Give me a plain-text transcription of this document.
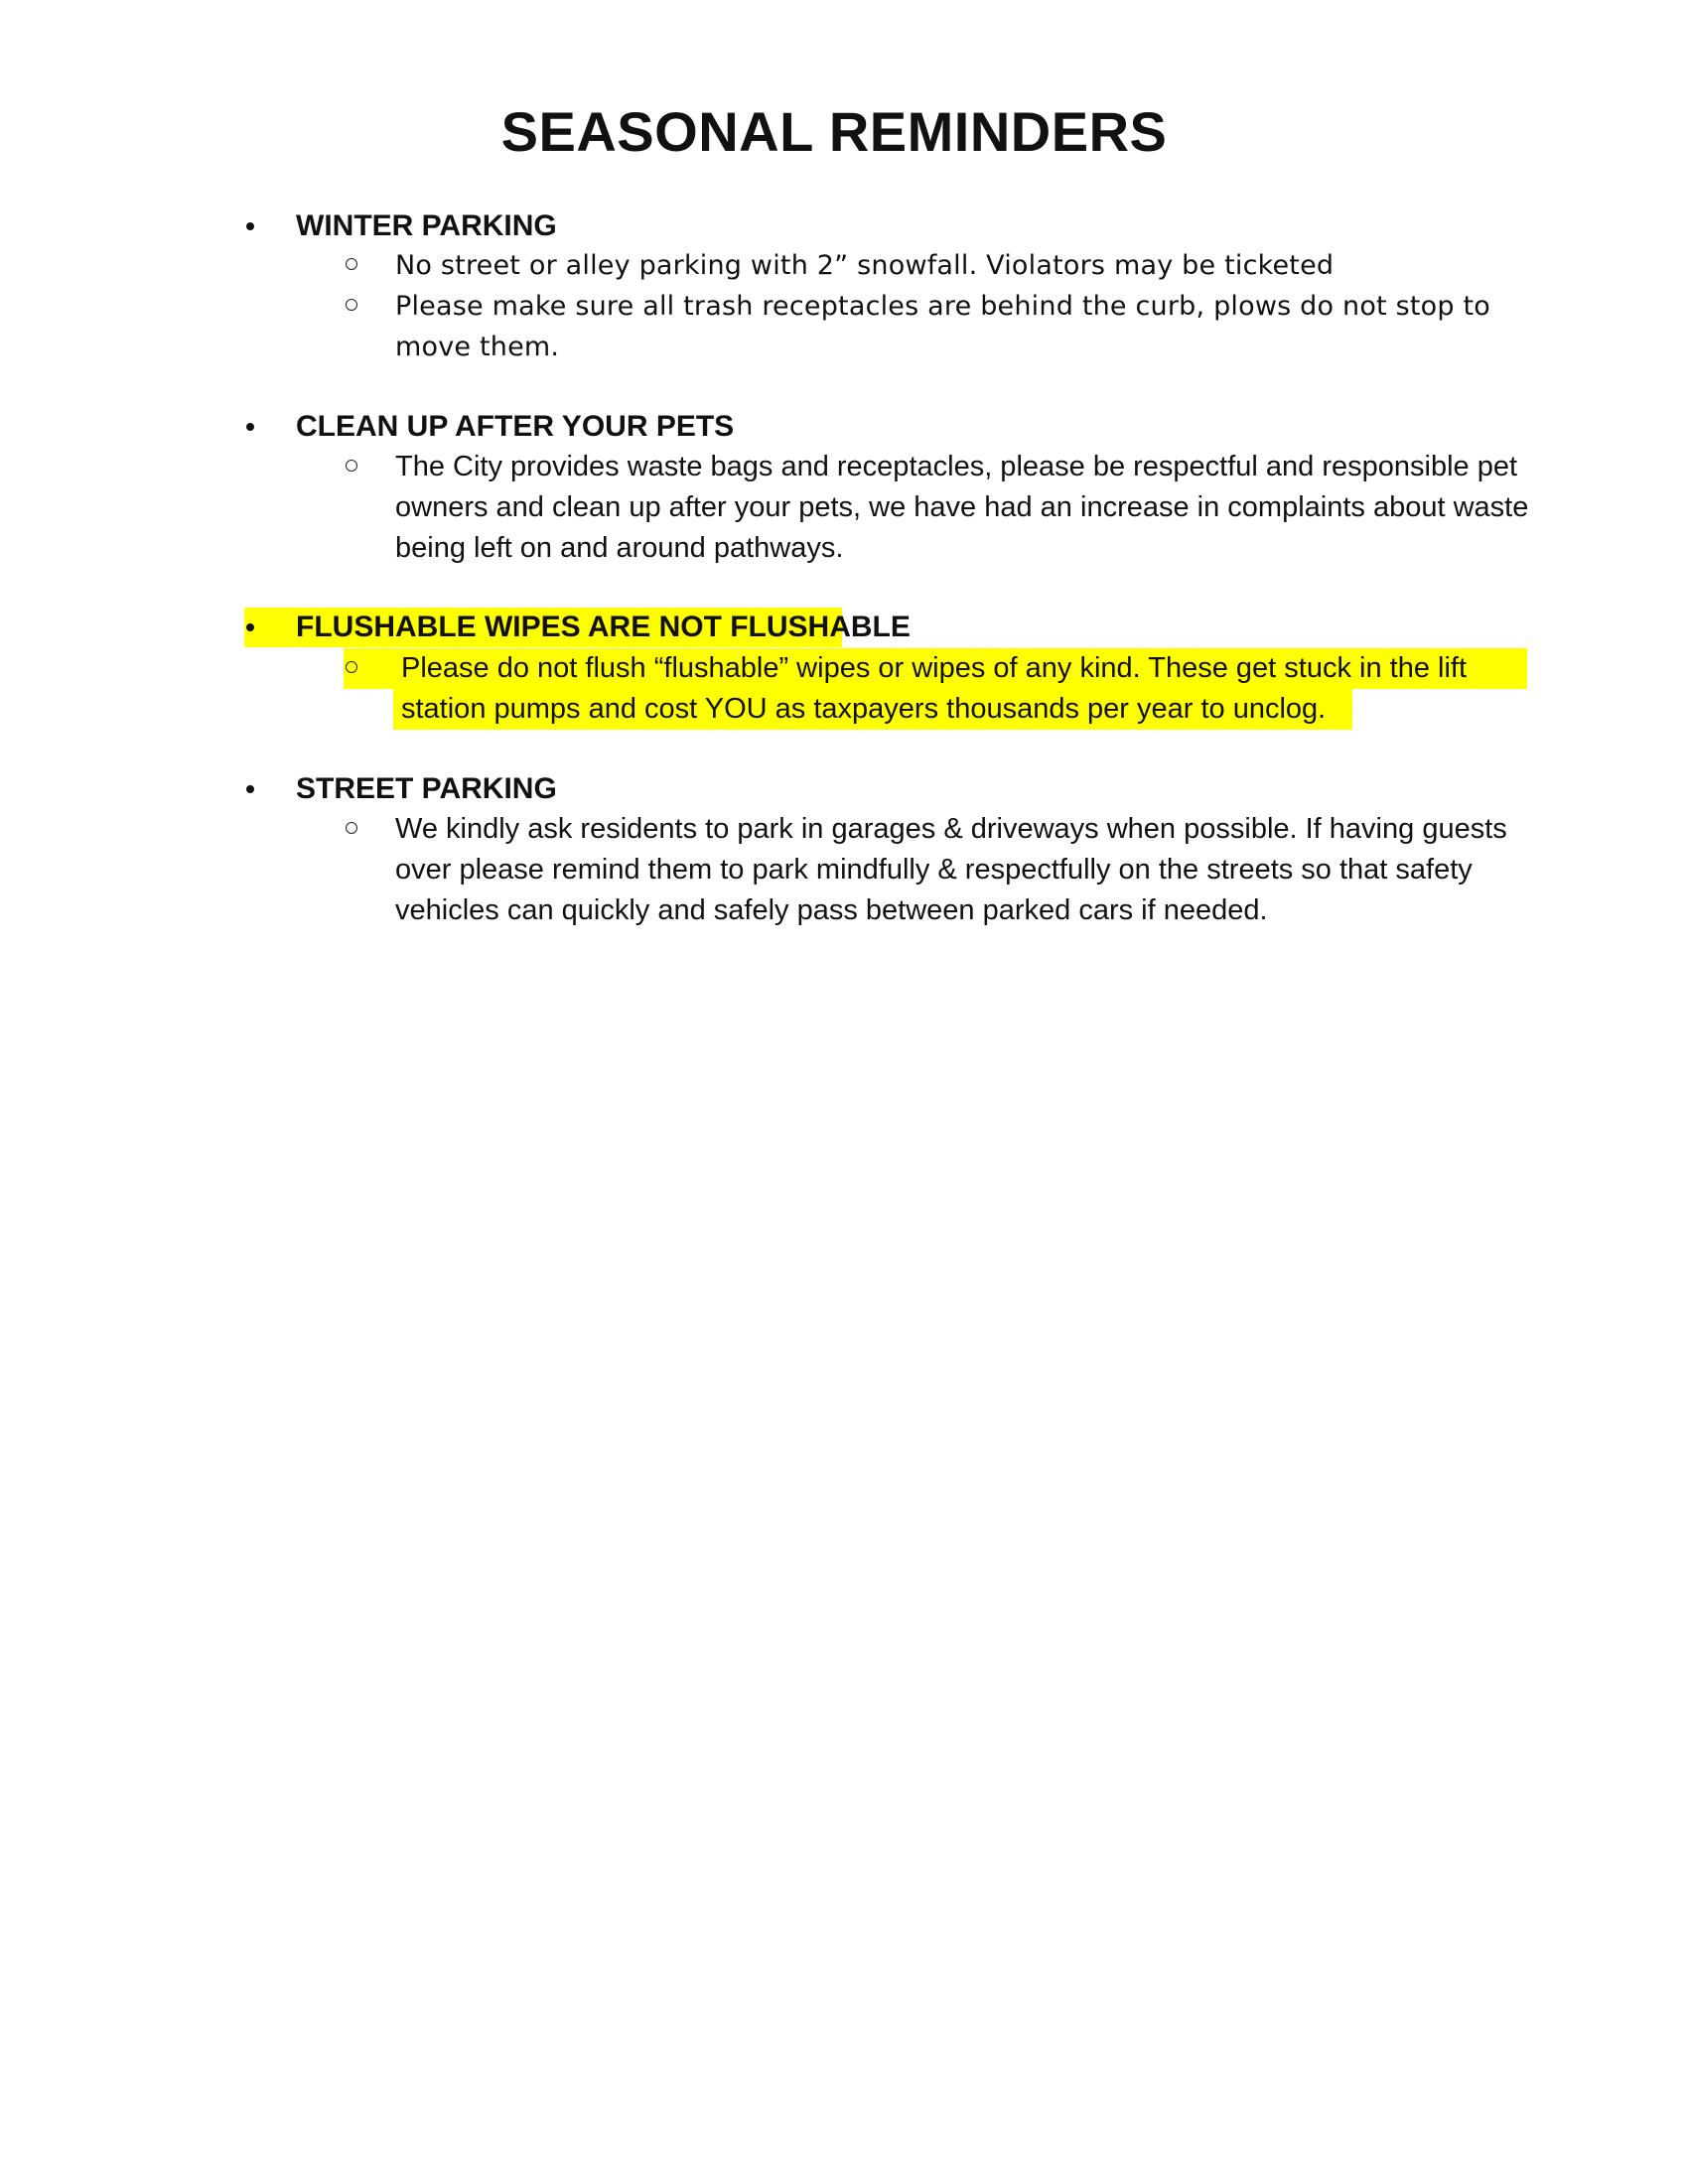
SEASONAL REMINDERS
WINTER PARKING
No street or alley parking with 2” snowfall. Violators may be ticketed
Please make sure all trash receptacles are behind the curb, plows do not stop to move them.
CLEAN UP AFTER YOUR PETS
The City provides waste bags and receptacles, please be respectful and responsible pet owners and clean up after your pets, we have had an increase in complaints about waste being left on and around pathways.
FLUSHABLE WIPES ARE NOT FLUSHABLE
Please do not flush “flushable” wipes or wipes of any kind. These get stuck in the lift station pumps and cost YOU as taxpayers thousands per year to unclog.
STREET PARKING
We kindly ask residents to park in garages & driveways when possible. If having guests over please remind them to park mindfully & respectfully on the streets so that safety vehicles can quickly and safely pass between parked cars if needed.
